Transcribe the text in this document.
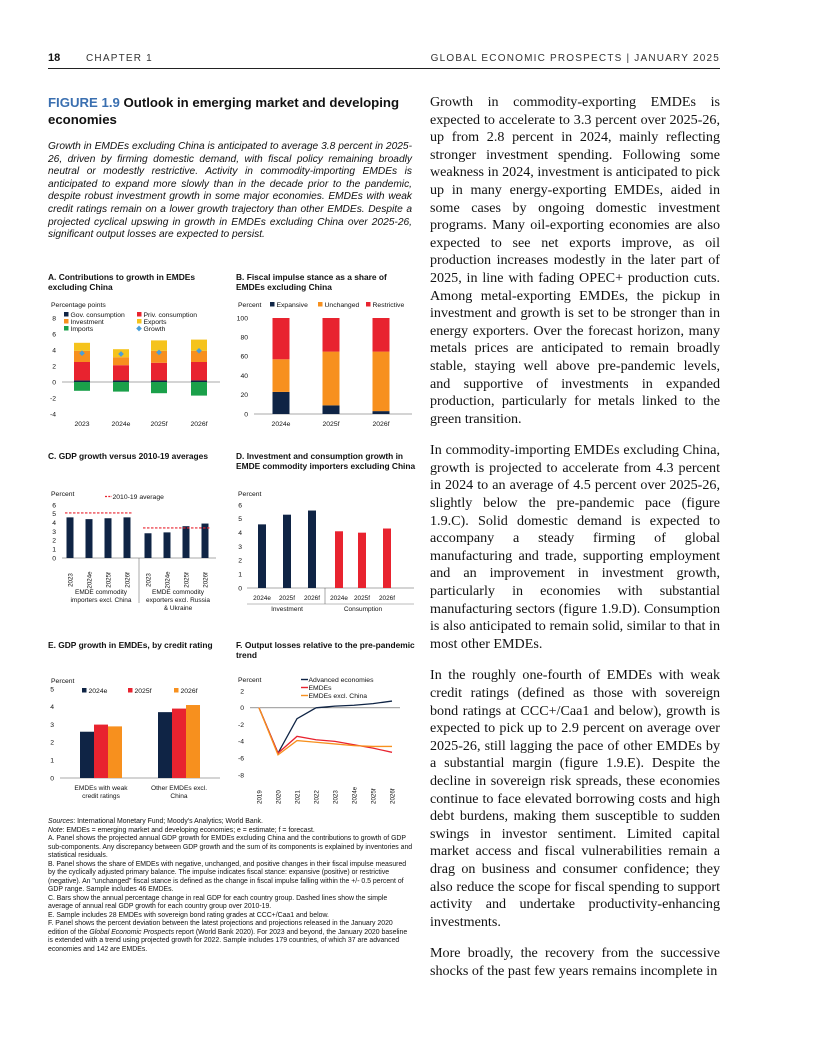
18	CHAPTER 1	GLOBAL ECONOMIC PROSPECTS | JANUARY 2025
FIGURE 1.9 Outlook in emerging market and developing economies
Growth in EMDEs excluding China is anticipated to average 3.8 percent in 2025-26, driven by firming domestic demand, with fiscal policy remaining broadly neutral or modestly restrictive. Activity in commodity-importing EMDEs is anticipated to expand more slowly than in the decade prior to the pandemic, despite robust investment growth in some major economies. EMDEs with weak credit ratings remain on a lower growth trajectory than other EMDEs. Despite a projected cyclical upswing in growth in EMDEs excluding China over 2025-26, significant output losses are expected to persist.
A. Contributions to growth in EMDEs excluding China
B. Fiscal impulse stance as a share of EMDEs excluding China
C. GDP growth versus 2010-19 averages	D. Investment and consumption growth in EMDE commodity importers excluding China
E. GDP growth in EMDEs, by credit rating	F. Output losses relative to the pre-pandemic trend
Percentage points
8
6
4
2
0
-2
-4
Gov. consumption	Priv. consumption
Investment	Exports
Imports	Growth
2023	2024e	2025f	2026f
Percent Expansive Unchanged Restrictive
100
80
60
40
20
0
2024e	2025f	2026f
Percent	2010-19 average
6
5
4
3
2
1
0
2023 2024e 2025f 2026f
EMDE commodity
importers excl. China
2023 2024e 2025f 2026f
EMDE commodity
exporters excl. Russia
& Ukraine
Percent
6
5
4
3
2
1
0
2024e 2025f 2026f
Investment
2024e 2025f 2026f
Consumption
Percent
2024e	2025f	2026f
5
4
3
2
1
0
EMDEs with weak
credit ratings
Other EMDEs excl.
China
Percent	Advanced economies
EMDEs
EMDEs excl. China
2
0
-2
-4
-6
-8
2019 2020 2021 2022 2023 2024e 2025f 2026f

Sources: International Monetary Fund; Moody's Analytics; World Bank.

Note: EMDEs = emerging market and developing economies; e = estimate; f = forecast.

A. Panel shows the projected annual GDP growth for EMDEs excluding China and the contributions to growth of GDP sub-components. Any discrepancy between GDP growth and the sum of its components is explained by inventories and statistical residuals.

B. Panel shows the share of EMDEs with negative, unchanged, and positive changes in their fiscal impulse measured by the cyclically adjusted primary balance. The impulse indicates fiscal stance: expansive (positive) or restrictive (negative). An "unchanged" fiscal stance is defined as the change in fiscal impulse falling within the +/- 0.5 percent of GDP range. Sample includes 46 EMDEs.

C. Bars show the annual percentage change in real GDP for each country group. Dashed lines show the simple average of annual real GDP growth for each country group over 2010-19.

E. Sample includes 28 EMDEs with sovereign bond rating grades at CCC+/Caa1 and below.

F. Panel shows the percent deviation between the latest projections and projections released in the January 2020 edition of the Global Economic Prospects report (World Bank 2020). For 2023 and beyond, the January 2020 baseline is extended with a trend using projected growth for 2022. Sample includes 179 countries, of which 37 are advanced economies and 142 are EMDEs.

Growth in commodity-exporting EMDEs is expected to accelerate to 3.3 percent over 2025-26, up from 2.8 percent in 2024, mainly reflecting stronger investment spending. Following some weakness in 2024, investment is anticipated to pick up in many energy-exporting EMDEs, aided in some cases by ongoing domestic investment programs. Many oil-exporting economies are also expected to see net exports improve, as oil production increases modestly in the later part of 2025, in line with fading OPEC+ production cuts. Among metal-exporting EMDEs, the pickup in investment and growth is set to be stronger than in energy exporters. Over the forecast horizon, many metals prices are anticipated to remain broadly stable, staying well above pre-pandemic levels, and supportive of investments in expanded production, particularly for metals linked to the green transition.

In commodity-importing EMDEs excluding China, growth is projected to accelerate from 4.3 percent in 2024 to an average of 4.5 percent over 2025-26, slightly below the pre-pandemic pace (figure 1.9.C). Solid domestic demand is expected to accompany a steady firming of global manufacturing and trade, supporting employment and an improvement in investment growth, particularly in economies with substantial manufacturing sectors (figure 1.9.D). Consumption is also anticipated to remain solid, similar to that in most other EMDEs.

In the roughly one-fourth of EMDEs with weak credit ratings (defined as those with sovereign bond ratings at CCC+/Caa1 and below), growth is expected to pick up to 2.9 percent on average over 2025-26, still lagging the pace of other EMDEs by a substantial margin (figure 1.9.E). Despite the decline in sovereign risk spreads, these economies continue to face elevated borrowing costs and high debt burdens, making them susceptible to sudden swings in investor sentiment. Limited capital market access and fiscal vulnerabilities remain a drag on business and consumer confidence; they also reduce the scope for fiscal spending to support activity and undertake productivity-enhancing investments.

More broadly, the recovery from the successive shocks of the past few years remains incomplete in
